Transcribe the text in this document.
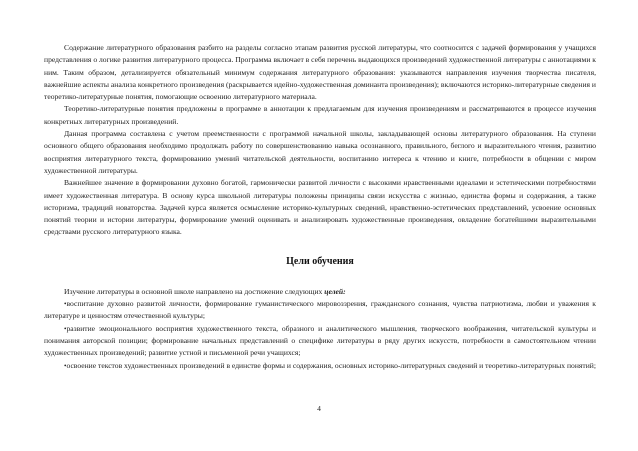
Содержание литературного образования разбито на разделы согласно этапам развития русской литературы, что соотносится с задачей формирования у учащихся представления о логике развития литературного процесса. Программа включает в себя перечень выдающихся произведений художественной литературы с аннотациями к ним. Таким образом, детализируется обязательный минимум содержания литературного образования: указываются направления изучения творчества писателя, важнейшие аспекты анализа конкретного произведения (раскрывается идейно-художественная доминанта произведения); включаются историко-литературные сведения и теоретико-литературные понятия, помогающие освоению литературного материала.

Теоретико-литературные понятия предложены в программе в аннотации к предлагаемым для изучения произведениям и рассматриваются в процессе изучения конкретных литературных произведений.

Данная программа составлена с учетом преемственности с программой начальной школы, закладывающей основы литературного образования. На ступени основного общего образования необходимо продолжать работу по совершенствованию навыка осознанного, правильного, беглого и выразительного чтения, развитию восприятия литературного текста, формированию умений читательской деятельности, воспитанию интереса к чтению и книге, потребности в общении с миром художественной литературы.

Важнейшее значение в формировании духовно богатой, гармонически развитой личности с высокими нравственными идеалами и эстетическими потребностями имеет художественная литература. В основу курса школьной литературы положены принципы связи искусства с жизнью, единства формы и содержания, а также историзма, традиций новаторства. Задачей курса является осмысление историко-культурных сведений, нравственно-эстетических представлений, усвоение основных понятий теории и истории литературы, формирование умений оценивать и анализировать художественные произведения, овладение богатейшими выразительными средствами русского литературного языка.

Цели обучения

Изучение литературы в основной школе направлено на достижение следующих целей:

•воспитание духовно развитой личности, формирование гуманистического мировоззрения, гражданского сознания, чувства патриотизма, любви и уважения к литературе и ценностям отечественной культуры;

•развитие эмоционального восприятия художественного текста, образного и аналитического мышления, творческого воображения, читательской культуры и понимания авторской позиции; формирование начальных представлений о специфике литературы в ряду других искусств, потребности в самостоятельном чтении художественных произведений; развитие устной и письменной речи учащихся;

•освоение текстов художественных произведений в единстве формы и содержания, основных историко-литературных сведений и теоретико-литературных понятий;

4
